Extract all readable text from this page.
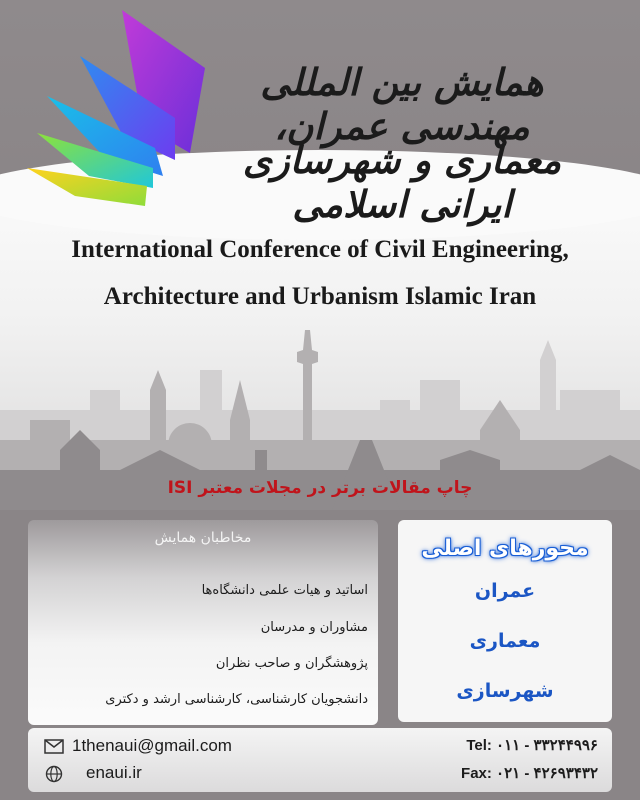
همایش بین المللی مهندسی عمران،
معماری و شهرسازی ایرانی اسلامی
International Conference of Civil Engineering,
Architecture and Urbanism Islamic Iran
چاپ مقالات برتر در مجلات معتبر ISI
مخاطبان همایش
اساتید و هیات علمی دانشگاه‌ها
مشاوران و مدرسان
پژوهشگران و صاحب نظران
دانشجویان کارشناسی، کارشناسی ارشد و دکتری
محورهای اصلی
عمران
معماری
شهرسازی
1thenaui@gmail.com
enaui.ir
Tel: ۰۱۱ - ۳۳۲۴۴۹۹۶
Fax: ۰۲۱ - ۴۲۶۹۳۴۳۲
